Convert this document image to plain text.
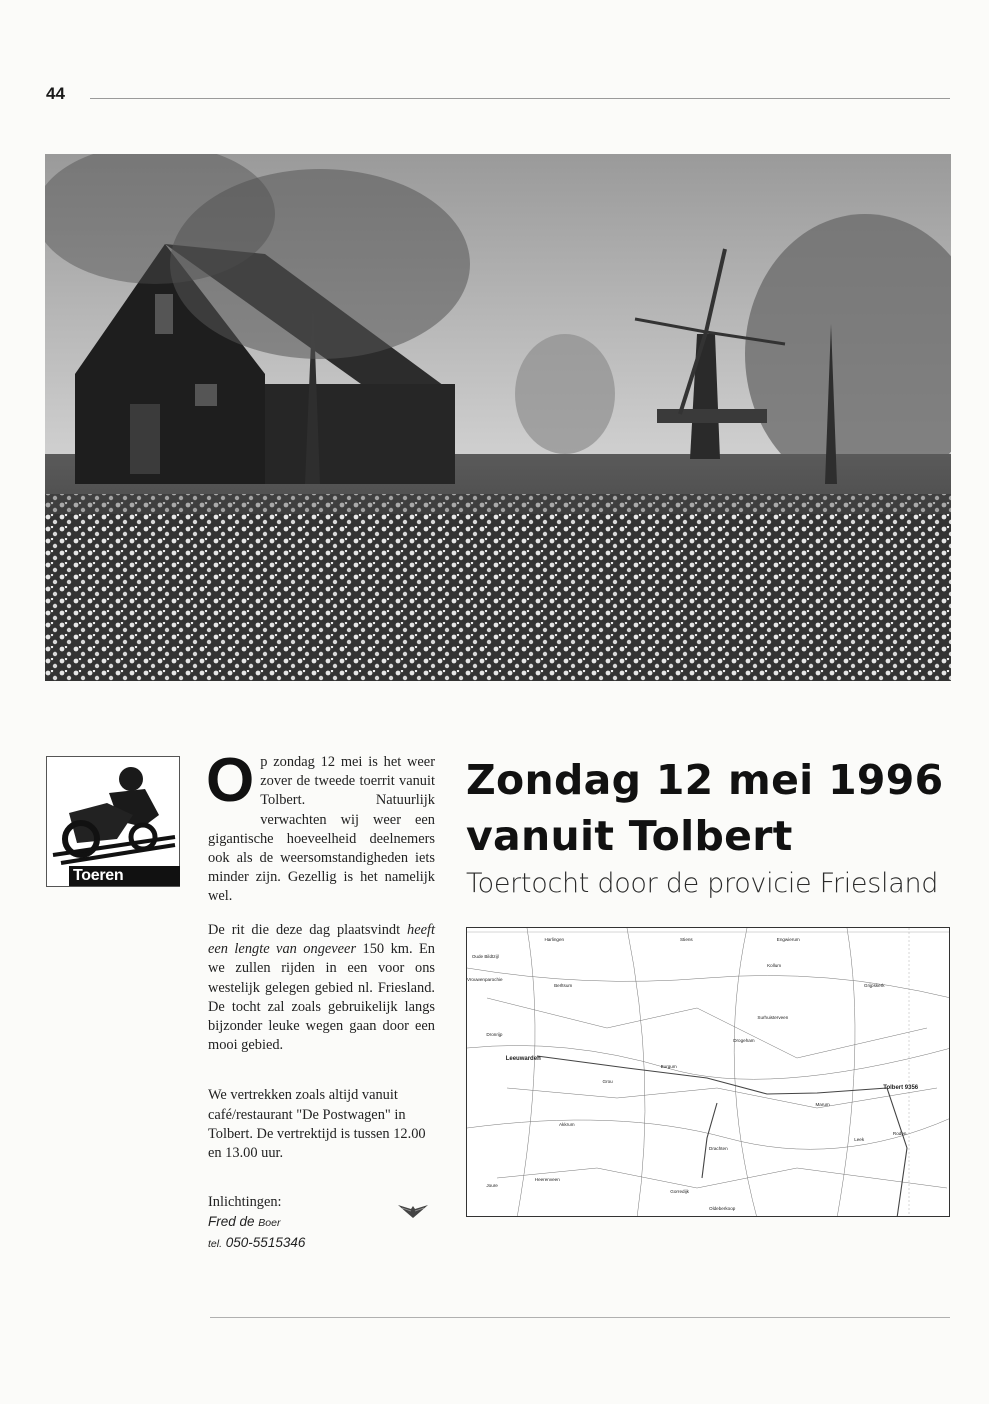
44
Toeren

Op zondag 12 mei is het weer zover de tweede toerrit vanuit Tolbert. Natuurlijk verwachten wij weer een gigantische hoeveelheid deelnemers ook als de weersomstandigheden iets minder zijn. Gezellig is het namelijk wel.

De rit die deze dag plaatsvindt heeft een lengte van ongeveer 150 km. En we zullen rijden in een voor ons westelijk gelegen gebied nl. Friesland. De tocht zal zoals gebruikelijk langs bijzonder leuke wegen gaan door een mooi gebied.

We vertrekken zoals altijd vanuit café/restaurant "De Postwagen" in Tolbert. De vertrektijd is tussen 12.00 en 13.00 uur.

Inlichtingen:
Fred de Boer
tel. 050-5515346
Zondag 12 mei 1996
vanuit Tolbert
Toertocht door de provicie Friesland
Harlingen	Stiens	Engwierum
Oude Bildtzijl
Vrouwenparochie
Berltsum
Dronrijp
Leeuwarden
Grou
Burgum
Drogeham
Surhuisterveen
Kollum
Marum
Tolbert 9356
Leek
Drachten
Gorredijk
Heerenveen
Akkrum
Joure
Oldeberkoop
Roden
Grijpskerk
